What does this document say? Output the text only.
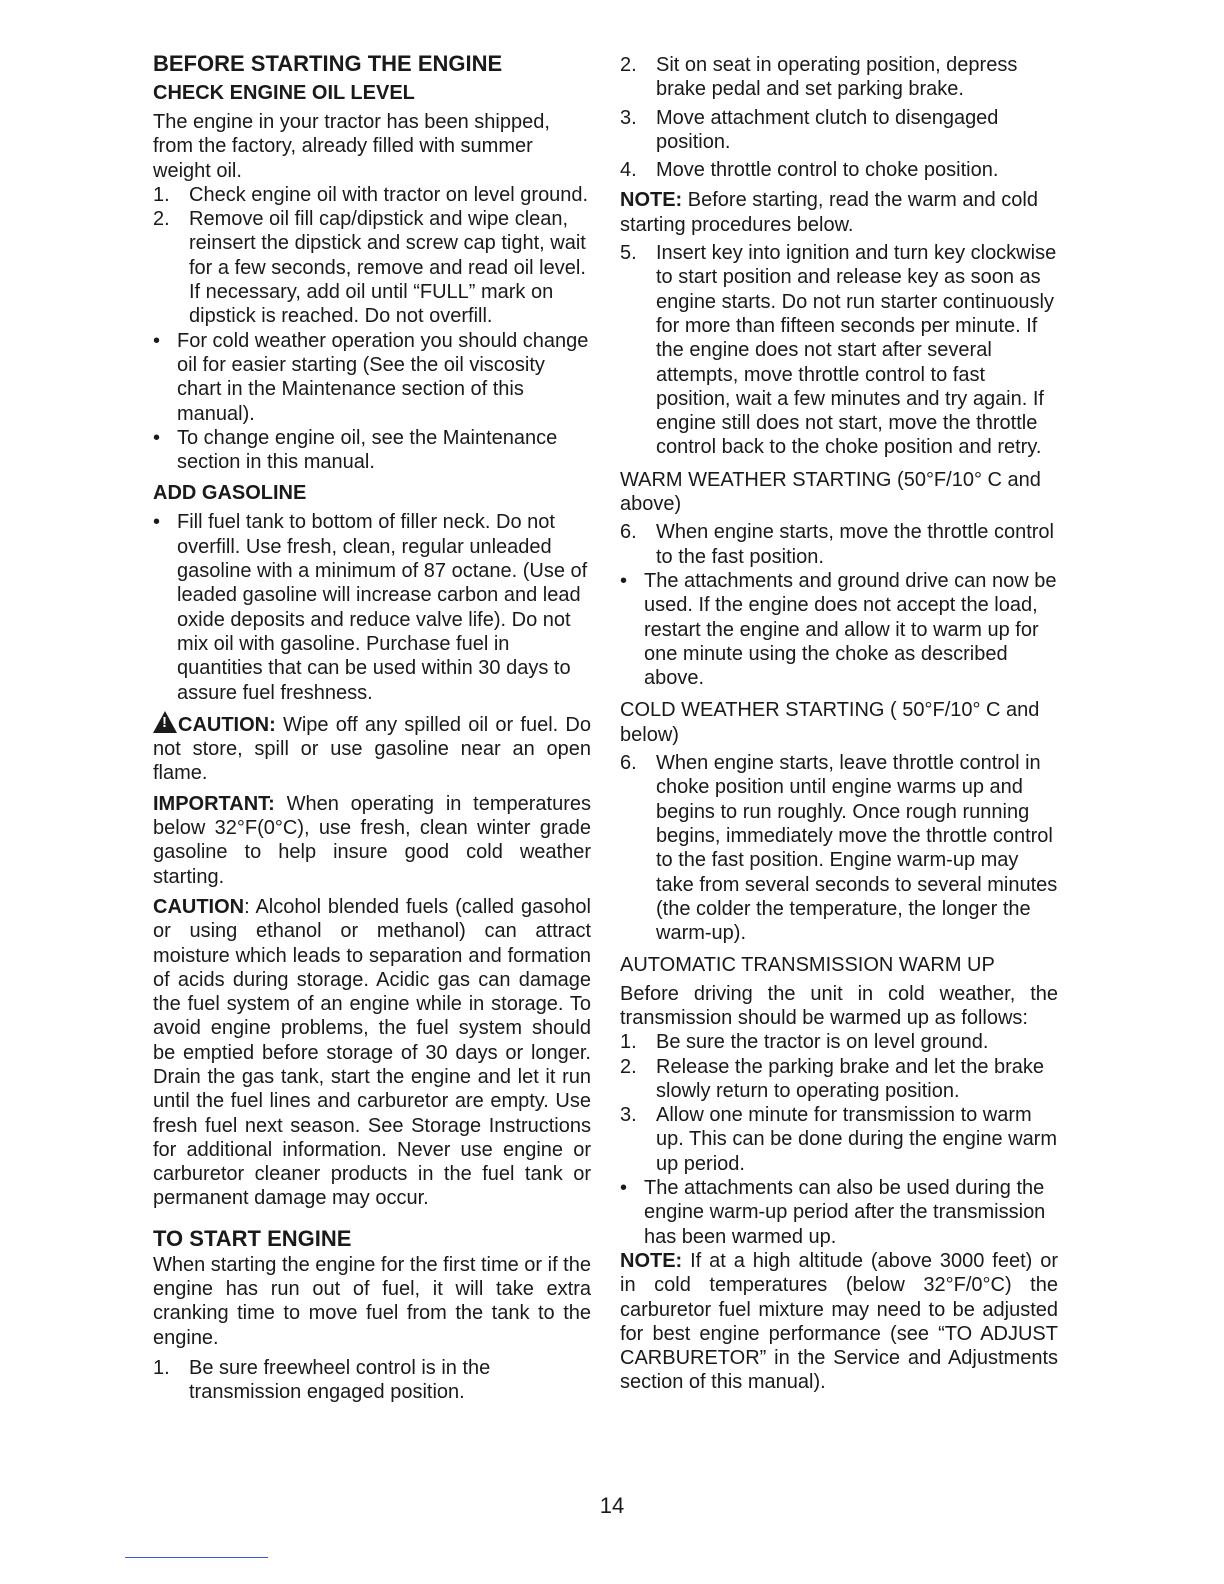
BEFORE STARTING THE ENGINE
CHECK ENGINE OIL LEVEL

The engine in your tractor has been shipped, from the factory, already filled with summer weight oil.

1. Check engine oil with tractor on level ground.
2. Remove oil fill cap/dipstick and wipe clean, reinsert the dipstick and screw cap tight, wait for a few seconds, remove and read oil level. If necessary, add oil until “FULL” mark on dipstick is reached. Do not overfill.
• For cold weather operation you should change oil for easier starting (See the oil viscosity chart in the Maintenance section of this manual).
• To change engine oil, see the Maintenance section in this manual.
ADD GASOLINE
• Fill fuel tank to bottom of filler neck. Do not overfill. Use fresh, clean, regular unleaded gasoline with a minimum of 87 octane. (Use of leaded gasoline will increase carbon and lead oxide deposits and reduce valve life). Do not mix oil with gasoline. Purchase fuel in quantities that can be used within 30 days to assure fuel freshness.

!CAUTION: Wipe off any spilled oil or fuel. Do not store, spill or use gasoline near an open flame.

IMPORTANT: When operating in temperatures below 32°F(0°C), use fresh, clean winter grade gasoline to help insure good cold weather starting.

CAUTION: Alcohol blended fuels (called gasohol or using ethanol or methanol) can attract moisture which leads to separation and formation of acids during storage. Acidic gas can damage the fuel system of an engine while in storage. To avoid engine problems, the fuel system should be emptied before storage of 30 days or longer. Drain the gas tank, start the engine and let it run until the fuel lines and carburetor are empty. Use fresh fuel next season. See Storage Instructions for additional information. Never use engine or carburetor cleaner products in the fuel tank or permanent damage may occur.

TO START ENGINE

When starting the engine for the first time or if the engine has run out of fuel, it will take extra cranking time to move fuel from the tank to the engine.

1. Be sure freewheel control is in the transmission engaged position.
2. Sit on seat in operating position, depress brake pedal and set parking brake.
3. Move attachment clutch to disengaged position.
4. Move throttle control to choke position.

NOTE: Before starting, read the warm and cold starting procedures below.

5. Insert key into ignition and turn key clockwise to start position and release key as soon as engine starts. Do not run starter continuously for more than fifteen seconds per minute. If the engine does not start after several attempts, move throttle control to fast position, wait a few minutes and try again. If engine still does not start, move the throttle control back to the choke position and retry.

WARM WEATHER STARTING (50°F/10° C and above)

6. When engine starts, move the throttle control to the fast position.
• The attachments and ground drive can now be used. If the engine does not accept the load, restart the engine and allow it to warm up for one minute using the choke as described above.

COLD WEATHER STARTING ( 50°F/10° C and below)

6. When engine starts, leave throttle control in choke position until engine warms up and begins to run roughly. Once rough running begins, immediately move the throttle control to the fast position. Engine warm-up may take from several seconds to several minutes (the colder the temperature, the longer the warm-up).

AUTOMATIC TRANSMISSION WARM UP

Before driving the unit in cold weather, the transmission should be warmed up as follows:

1. Be sure the tractor is on level ground.
2. Release the parking brake and let the brake slowly return to operating position.
3. Allow one minute for transmission to warm up. This can be done during the engine warm up period.
• The attachments can also be used during the engine warm-up period after the transmission has been warmed up.

NOTE: If at a high altitude (above 3000 feet) or in cold temperatures (below 32°F/0°C) the carburetor fuel mixture may need to be adjusted for best engine performance (see “TO ADJUST CARBURETOR” in the Service and Adjustments section of this manual).

14
